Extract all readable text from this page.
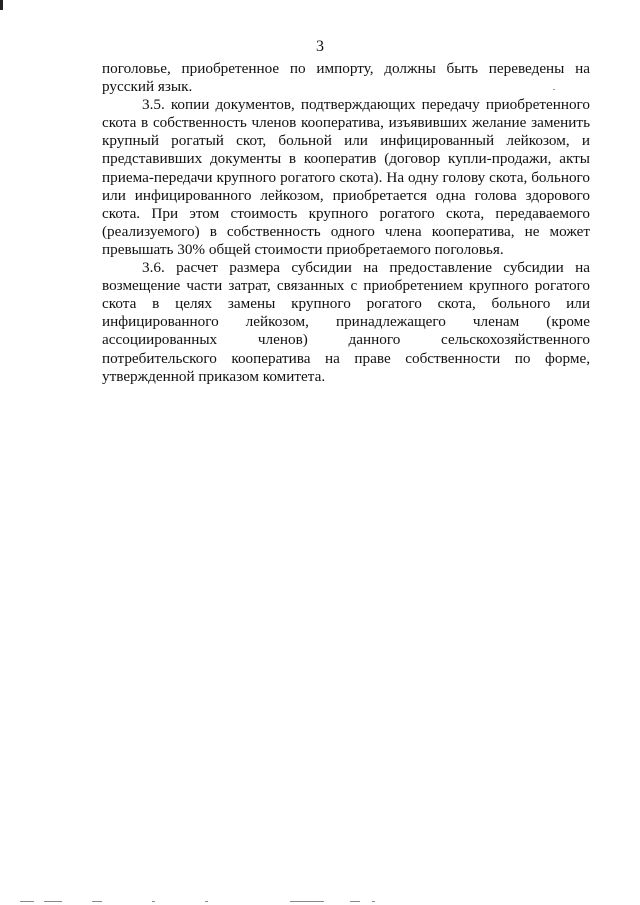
3

поголовье, приобретенное по импорту, должны быть переведены на русский язык.

3.5. копии документов, подтверждающих передачу приобретенного скота в собственность членов кооператива, изъявивших желание заменить крупный рогатый скот, больной или инфицированный лейкозом, и представивших документы в кооператив (договор купли-продажи, акты приема-передачи крупного рогатого скота). На одну голову скота, больного или инфицированного лейкозом, приобретается одна голова здорового скота. При этом стоимость крупного рогатого скота, передаваемого (реализуемого) в собственность одного члена кооператива, не может превышать 30% общей стоимости приобретаемого поголовья.

3.6. расчет размера субсидии на предоставление субсидии на возмещение части затрат, связанных с приобретением крупного рогатого скота в целях замены крупного рогатого скота, больного или инфицированного лейкозом, принадлежащего членам (кроме ассоциированных членов) данного сельскохозяйственного потребительского кооператива на праве собственности по форме, утвержденной приказом комитета.
